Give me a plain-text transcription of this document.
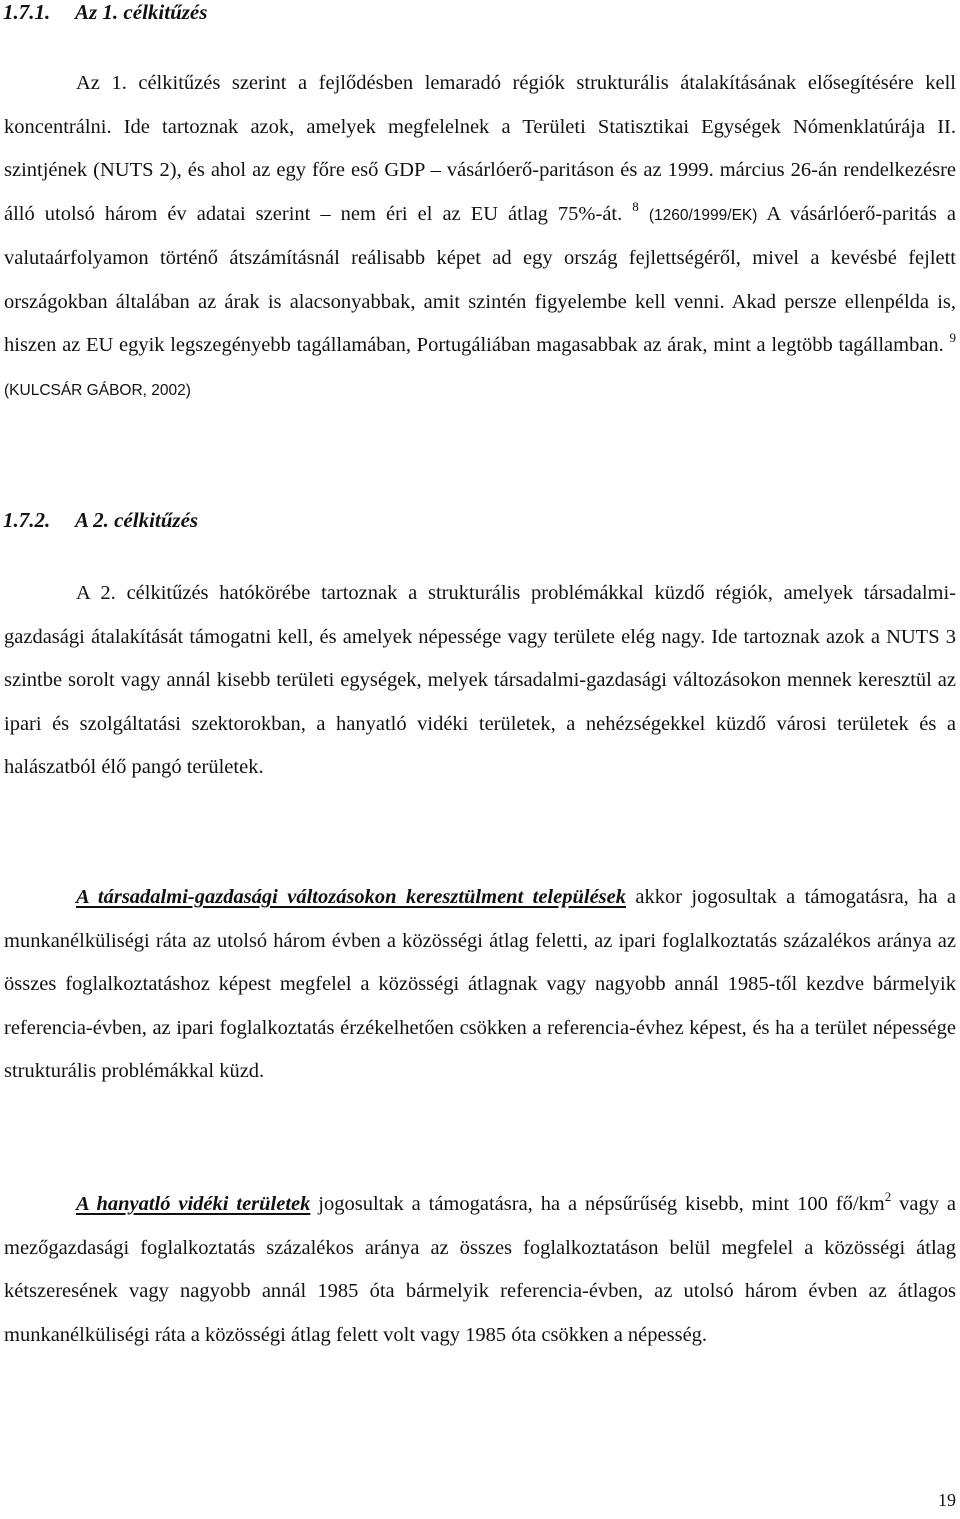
1.7.1. Az 1. célkitűzés

Az 1. célkitűzés szerint a fejlődésben lemaradó régiók strukturális átalakításának elősegítésére kell koncentrálni. Ide tartoznak azok, amelyek megfelelnek a Területi Statisztikai Egységek Nómenklatúrája II. szintjének (NUTS 2), és ahol az egy főre eső GDP – vásárlóerő-paritáson és az 1999. március 26-án rendelkezésre álló utolsó három év adatai szerint – nem éri el az EU átlag 75%-át. $^8$ (1260/1999/EK) A vásárlóerő-paritás a valutaárfolyamon történő átszámításnál reálisabb képet ad egy ország fejlettségéről, mivel a kevésbé fejlett országokban általában az árak is alacsonyabbak, amit szintén figyelembe kell venni. Akad persze ellenpélda is, hiszen az EU egyik legszegényebb tagállamában, Portugáliában magasabbak az árak, mint a legtöbb tagállamban. $^9$ (KULCSÁR GÁBOR, 2002)

1.7.2. A 2. célkitűzés

A 2. célkitűzés hatókörébe tartoznak a strukturális problémákkal küzdő régiók, amelyek társadalmi-gazdasági átalakítását támogatni kell, és amelyek népessége vagy területe elég nagy. Ide tartoznak azok a NUTS 3 szintbe sorolt vagy annál kisebb területi egységek, melyek társadalmi-gazdasági változásokon mennek keresztül az ipari és szolgáltatási szektorokban, a hanyatló vidéki területek, a nehézségekkel küzdő városi területek és a halászatból élő pangó területek.

A társadalmi-gazdasági változásokon keresztülment települések akkor jogosultak a támogatásra, ha a munkanélküliségi ráta az utolsó három évben a közösségi átlag feletti, az ipari foglalkoztatás százalékos aránya az összes foglalkoztatáshoz képest megfelel a közösségi átlagnak vagy nagyobb annál 1985-től kezdve bármelyik referencia-évben, az ipari foglalkoztatás érzékelhetően csökken a referencia-évhez képest, és ha a terület népessége strukturális problémákkal küzd.

A hanyatló vidéki területek jogosultak a támogatásra, ha a népsűrűség kisebb, mint 100 $fő/km^2$ vagy a mezőgazdasági foglalkoztatás százalékos aránya az összes foglalkoztatáson belül megfelel a közösségi átlag kétszeresének vagy nagyobb annál 1985 óta bármelyik referencia-évben, az utolsó három évben az átlagos munkanélküliségi ráta a közösségi átlag felett volt vagy 1985 óta csökken a népesség.

19
